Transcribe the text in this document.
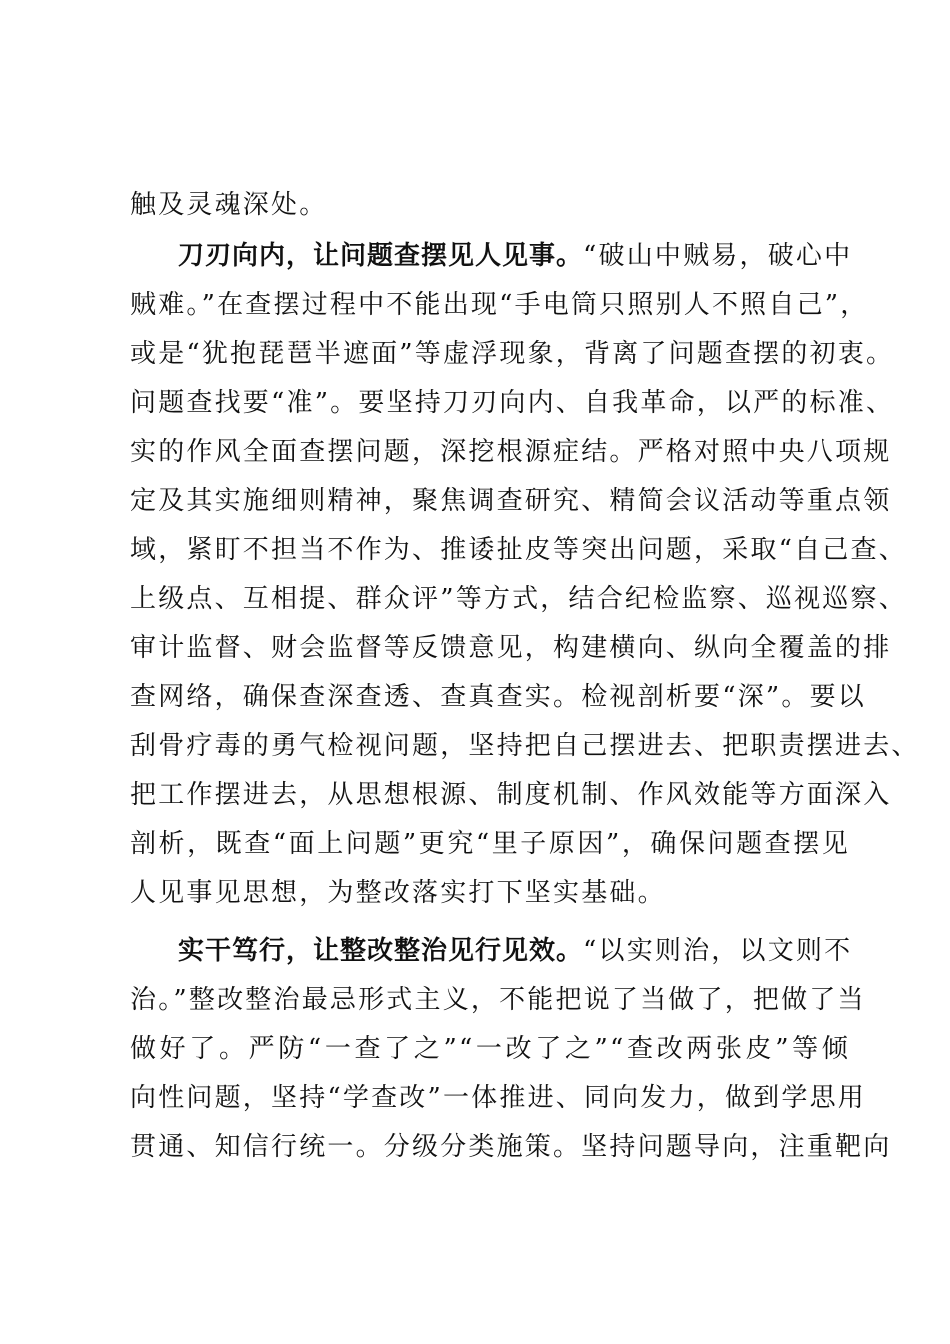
触及灵魂深处。
刀刃向内，让问题查摆见人见事。“破山中贼易，破心中
贼难。”在查摆过程中不能出现“手电筒只照别人不照自己”，
或是“犹抱琵琶半遮面”等虚浮现象，背离了问题查摆的初衷。
问题查找要“准”。要坚持刀刃向内、自我革命，以严的标准、
实的作风全面查摆问题，深挖根源症结。严格对照中央八项规
定及其实施细则精神，聚焦调查研究、精简会议活动等重点领
域，紧盯不担当不作为、推诿扯皮等突出问题，采取“自己查、
上级点、互相提、群众评”等方式，结合纪检监察、巡视巡察、
审计监督、财会监督等反馈意见，构建横向、纵向全覆盖的排
查网络，确保查深查透、查真查实。检视剖析要“深”。要以
刮骨疗毒的勇气检视问题，坚持把自己摆进去、把职责摆进去、
把工作摆进去，从思想根源、制度机制、作风效能等方面深入
剖析，既查“面上问题”更究“里子原因”，确保问题查摆见
人见事见思想，为整改落实打下坚实基础。
实干笃行，让整改整治见行见效。“以实则治，以文则不
治。”整改整治最忌形式主义，不能把说了当做了，把做了当
做好了。严防“一查了之”“一改了之”“查改两张皮”等倾
向性问题，坚持“学查改”一体推进、同向发力，做到学思用
贯通、知信行统一。分级分类施策。坚持问题导向，注重靶向
